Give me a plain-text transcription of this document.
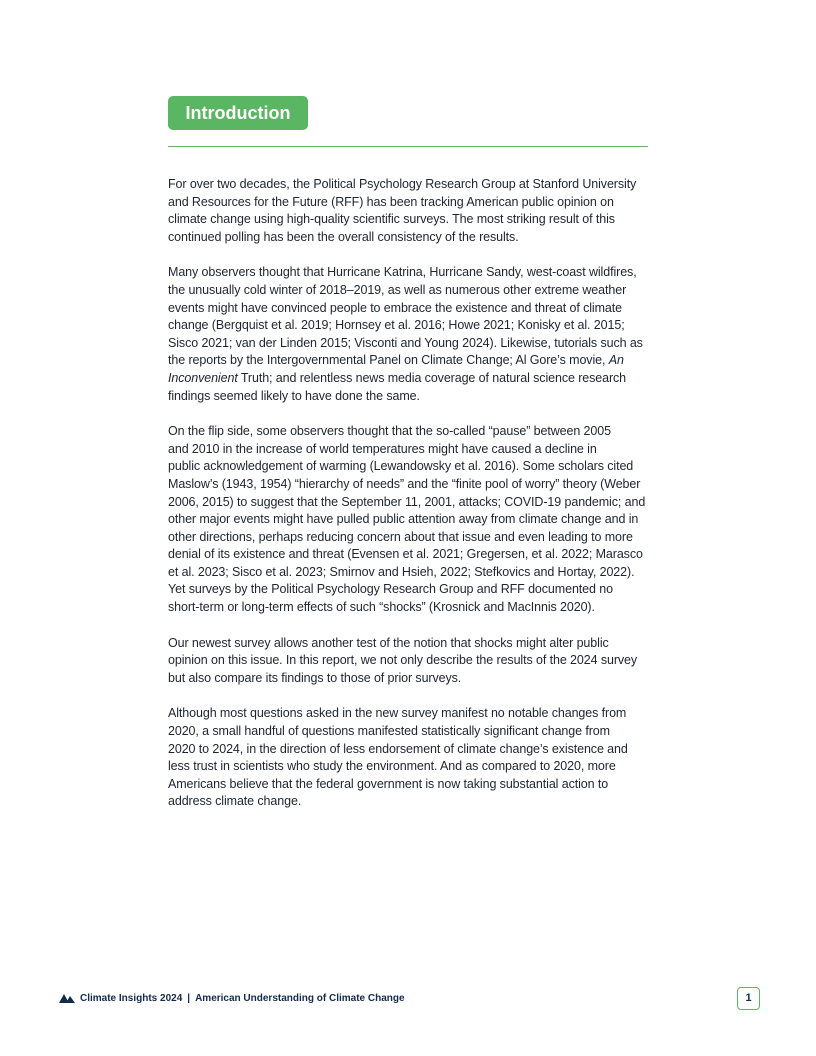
Introduction

For over two decades, the Political Psychology Research Group at Stanford University
and Resources for the Future (RFF) has been tracking American public opinion on
climate change using high-quality scientific surveys. The most striking result of this
continued polling has been the overall consistency of the results.

Many observers thought that Hurricane Katrina, Hurricane Sandy, west-coast wildfires,
the unusually cold winter of 2018–2019, as well as numerous other extreme weather
events might have convinced people to embrace the existence and threat of climate
change (Bergquist et al. 2019; Hornsey et al. 2016; Howe 2021; Konisky et al. 2015;
Sisco 2021; van der Linden 2015; Visconti and Young 2024). Likewise, tutorials such as
the reports by the Intergovernmental Panel on Climate Change; Al Gore’s movie, An
Inconvenient Truth; and relentless news media coverage of natural science research
findings seemed likely to have done the same.

On the flip side, some observers thought that the so-called “pause” between 2005
and 2010 in the increase of world temperatures might have caused a decline in
public acknowledgement of warming (Lewandowsky et al. 2016). Some scholars cited
Maslow’s (1943, 1954) “hierarchy of needs” and the “finite pool of worry” theory (Weber
2006, 2015) to suggest that the September 11, 2001, attacks; COVID-19 pandemic; and
other major events might have pulled public attention away from climate change and in
other directions, perhaps reducing concern about that issue and even leading to more
denial of its existence and threat (Evensen et al. 2021; Gregersen, et al. 2022; Marasco
et al. 2023; Sisco et al. 2023; Smirnov and Hsieh, 2022; Stefkovics and Hortay, 2022).
Yet surveys by the Political Psychology Research Group and RFF documented no
short-term or long-term effects of such “shocks” (Krosnick and MacInnis 2020).

Our newest survey allows another test of the notion that shocks might alter public
opinion on this issue. In this report, we not only describe the results of the 2024 survey
but also compare its findings to those of prior surveys.

Although most questions asked in the new survey manifest no notable changes from
2020, a small handful of questions manifested statistically significant change from
2020 to 2024, in the direction of less endorsement of climate change’s existence and
less trust in scientists who study the environment. And as compared to 2020, more
Americans believe that the federal government is now taking substantial action to
address climate change.

Climate Insights 2024 | American Understanding of Climate Change	1
